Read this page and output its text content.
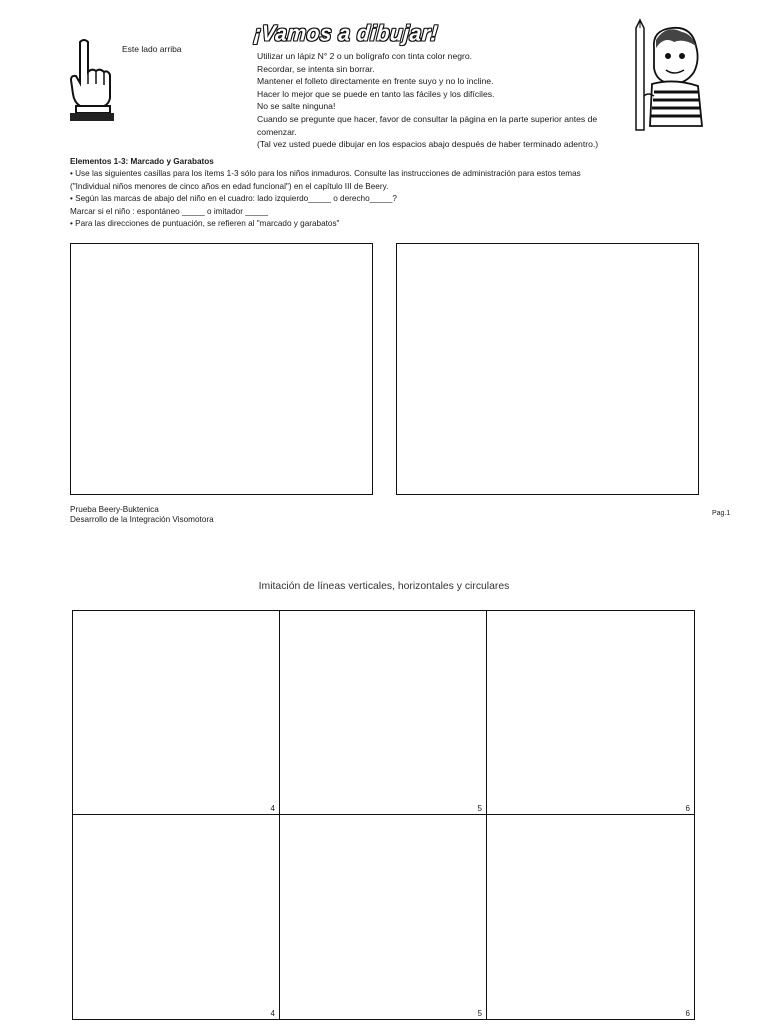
Este lado arriba
¡Vamos a dibujar!
Utilizar un lápiz N° 2 o un bolígrafo con tinta color negro.
Recordar, se intenta sin borrar.
Mantener el folleto directamente en frente suyo y no lo incline.
Hacer lo mejor que se puede en tanto las fáciles y los difíciles.
No se salte ninguna!
Cuando se pregunte que hacer, favor de consultar la página en la parte superior antes de comenzar.
(Tal vez usted puede dibujar en los espacios abajo después de haber terminado adentro.)
Elementos 1-3: Marcado y Garabatos
• Use las siguientes casillas para los ítems 1-3 sólo para los niños inmaduros. Consulte las instrucciones de administración para estos temas
("Individual niños menores de cinco años en edad funcional") en el capítulo III de Beery.
• Según las marcas de abajo del niño en el cuadro: lado izquierdo_____ o derecho_____?
Marcar si el niño : espontáneo _____ o imitador _____
• Para las direcciones de puntuación, se refieren al "marcado y garabatos"
Prueba Beery-Buktenica
Desarrollo de la Integración Visomotora
Pag.1
Imitación de líneas verticales, horizontales y circulares
4	5	6
4	5	6
